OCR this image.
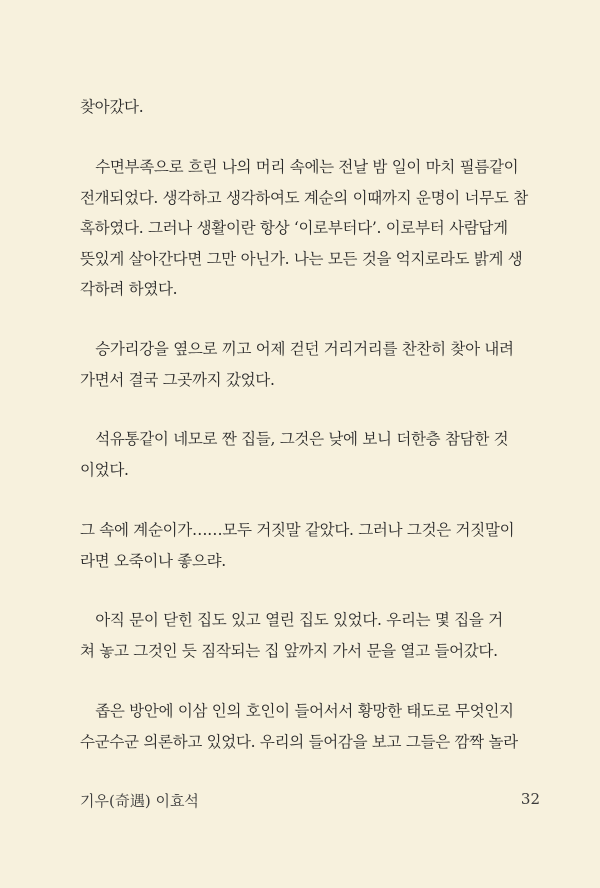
찾아갔다.
　수면부족으로 흐린 나의 머리 속에는 전날 밤 일이 마치 필름같이
전개되었다. 생각하고 생각하여도 계순의 이때까지 운명이 너무도 참
혹하였다. 그러나 생활이란 항상 ‘이로부터다’. 이로부터 사람답게
뜻있게 살아간다면 그만 아닌가. 나는 모든 것을 억지로라도 밝게 생
각하려 하였다.
　승가리강을 옆으로 끼고 어제 걷던 거리거리를 찬찬히 찾아 내려
가면서 결국 그곳까지 갔었다.
　석유통같이 네모로 짠 집들, 그것은 낮에 보니 더한층 참담한 것
이었다.
그 속에 계순이가……모두 거짓말 같았다. 그러나 그것은 거짓말이
라면 오죽이나 좋으랴.
　아직 문이 닫힌 집도 있고 열린 집도 있었다. 우리는 몇 집을 거
쳐 놓고 그것인 듯 짐작되는 집 앞까지 가서 문을 열고 들어갔다.
　좁은 방안에 이삼 인의 호인이 들어서서 황망한 태도로 무엇인지
수군수군 의론하고 있었다. 우리의 들어감을 보고 그들은 깜짝 놀라
기우(奇遇) 이효석	32
